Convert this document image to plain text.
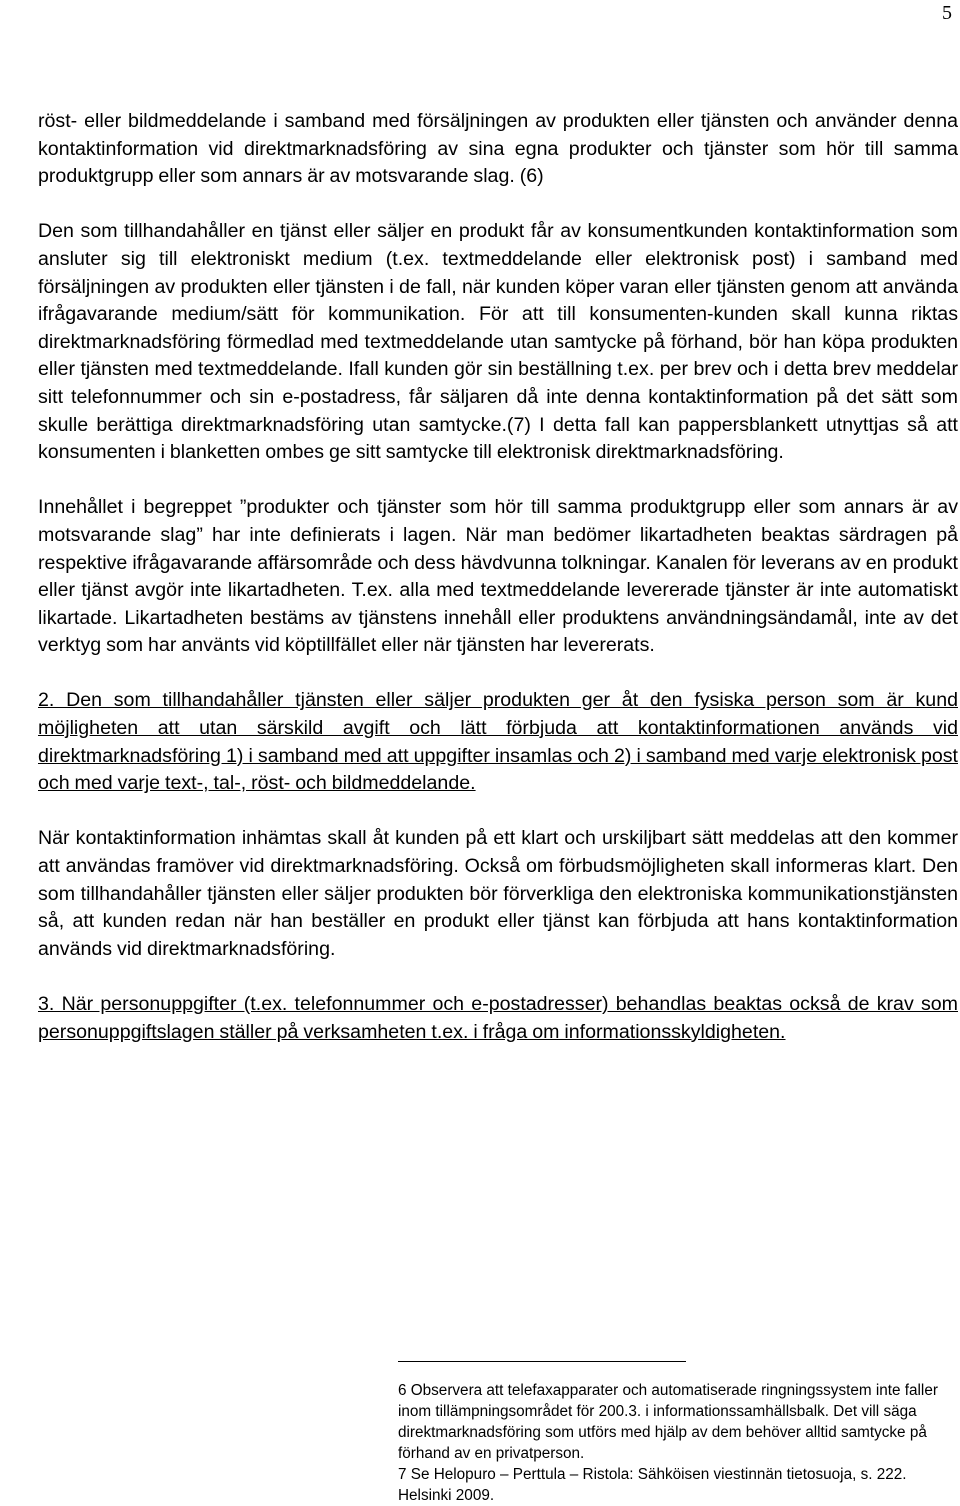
5

röst- eller bildmeddelande i samband med försäljningen av produkten eller tjänsten och använder denna kontaktinformation vid direktmarknadsföring av sina egna produkter och tjänster som hör till samma produktgrupp eller som annars är av motsvarande slag. (6)

Den som tillhandahåller en tjänst eller säljer en produkt får av konsumentkunden kontaktinformation som ansluter sig till elektroniskt medium (t.ex. textmeddelande eller elektronisk post) i samband med försäljningen av produkten eller tjänsten i de fall, när kunden köper varan eller tjänsten genom att använda ifrågavarande medium/sätt för kommunikation. För att till konsumenten-kunden skall kunna riktas direktmarknadsföring förmedlad med textmeddelande utan samtycke på förhand, bör han köpa produkten eller tjänsten med textmeddelande. Ifall kunden gör sin beställning t.ex. per brev och i detta brev meddelar sitt telefonnummer och sin e-postadress, får säljaren då inte denna kontaktinformation på det sätt som skulle berättiga direktmarknadsföring utan samtycke.(7) I detta fall kan pappersblankett utnyttjas så att konsumenten i blanketten ombes ge sitt samtycke till elektronisk direktmarknadsföring.

Innehållet i begreppet ”produkter och tjänster som hör till samma produktgrupp eller som annars är av motsvarande slag” har inte definierats i lagen. När man bedömer likartadheten beaktas särdragen på respektive ifrågavarande affärsområde och dess hävdvunna tolkningar. Kanalen för leverans av en produkt eller tjänst avgör inte likartadheten. T.ex. alla med textmeddelande levererade tjänster är inte automatiskt likartade. Likartadheten bestäms av tjänstens innehåll eller produktens användningsändamål, inte av det verktyg som har använts vid köptillfället eller när tjänsten har levererats.

2. Den som tillhandahåller tjänsten eller säljer produkten ger åt den fysiska person som är kund möjligheten att utan särskild avgift och lätt förbjuda att kontaktinformationen används vid direktmarknadsföring 1) i samband med att uppgifter insamlas och 2) i samband med varje elektronisk post och med varje text-, tal-, röst- och bildmeddelande.

När kontaktinformation inhämtas skall åt kunden på ett klart och urskiljbart sätt meddelas att den kommer att användas framöver vid direktmarknadsföring. Också om förbudsmöjligheten skall informeras klart. Den som tillhandahåller tjänsten eller säljer produkten bör förverkliga den elektroniska kommunikationstjänsten så, att kunden redan när han beställer en produkt eller tjänst kan förbjuda att hans kontaktinformation används vid direktmarknadsföring.

3. När personuppgifter (t.ex. telefonnummer och e-postadresser) behandlas beaktas också de krav som personuppgiftslagen ställer på verksamheten t.ex. i fråga om informationsskyldigheten.

6 Observera att telefaxapparater och automatiserade ringningssystem inte faller inom tillämpningsområdet för 200.3. i informationssamhällsbalk. Det vill säga direktmarknadsföring som utförs med hjälp av dem behöver alltid samtycke på förhand av en privatperson.

7 Se Helopuro – Perttula – Ristola: Sähköisen viestinnän tietosuoja, s. 222. Helsinki 2009.
